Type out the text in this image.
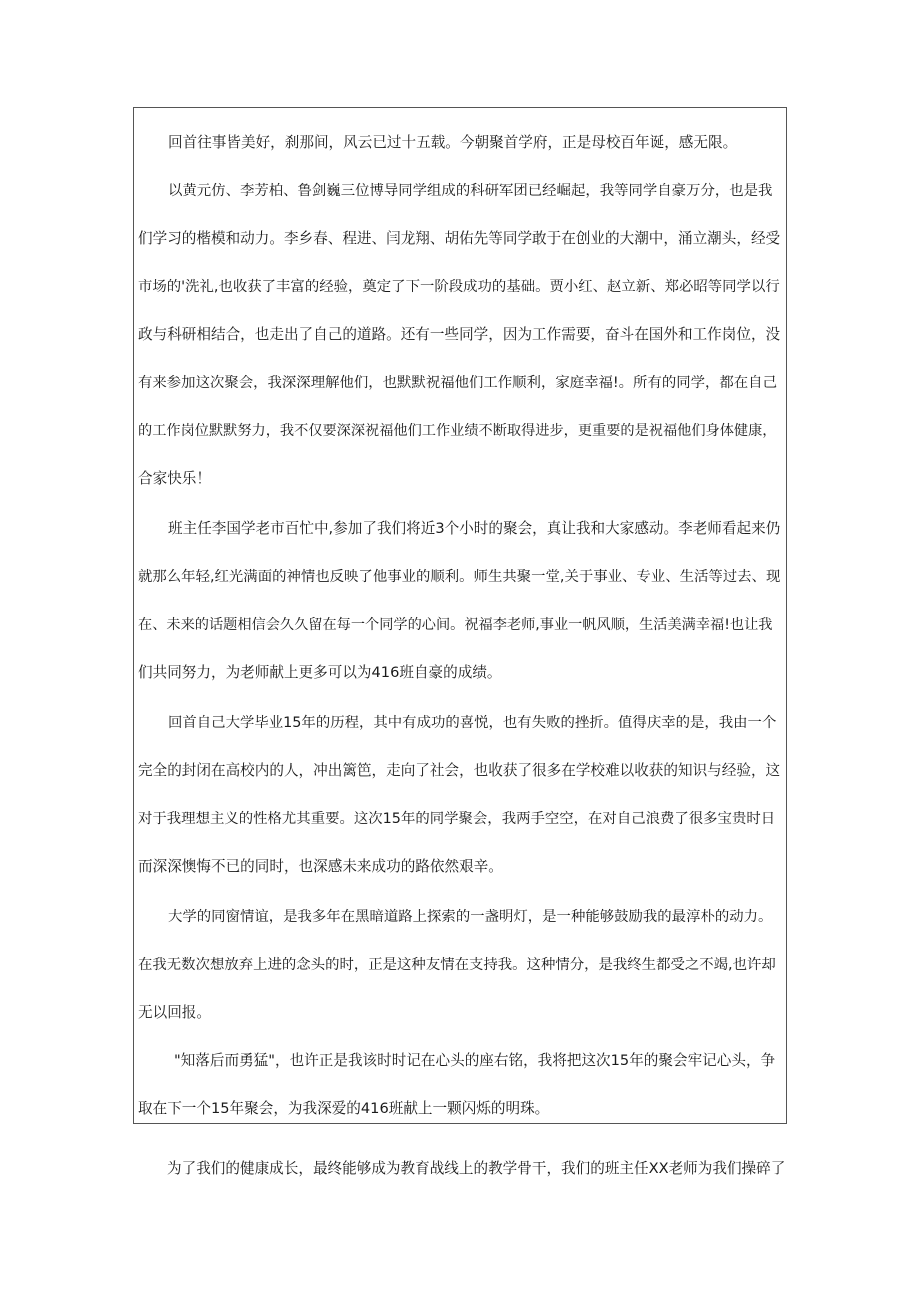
回首往事皆美好，刹那间，风云已过十五载。今朝聚首学府，正是母校百年诞，感无限。
以黄元仿、李芳柏、鲁剑巍三位博导同学组成的科研军团已经崛起，我等同学自豪万分，也是我
们学习的楷模和动力。李乡春、程进、闫龙翔、胡佑先等同学敢于在创业的大潮中，涌立潮头，经受
市场的'洗礼,也收获了丰富的经验，奠定了下一阶段成功的基础。贾小红、赵立新、郑必昭等同学以行
政与科研相结合，也走出了自己的道路。还有一些同学，因为工作需要，奋斗在国外和工作岗位，没
有来参加这次聚会，我深深理解他们，也默默祝福他们工作顺利，家庭幸福!。所有的同学，都在自己
的工作岗位默默努力，我不仅要深深祝福他们工作业绩不断取得进步，更重要的是祝福他们身体健康，
合家快乐！
班主任李国学老市百忙中,参加了我们将近3个小时的聚会，真让我和大家感动。李老师看起来仍
就那么年轻,红光满面的神情也反映了他事业的顺利。师生共聚一堂,关于事业、专业、生活等过去、现
在、未来的话题相信会久久留在每一个同学的心间。祝福李老师,事业一帆风顺，生活美满幸福!也让我
们共同努力，为老师献上更多可以为416班自豪的成绩。
回首自己大学毕业15年的历程，其中有成功的喜悦，也有失败的挫折。值得庆幸的是，我由一个
完全的封闭在高校内的人，冲出篱笆，走向了社会，也收获了很多在学校难以收获的知识与经验，这
对于我理想主义的性格尤其重要。这次15年的同学聚会，我两手空空，在对自己浪费了很多宝贵时日
而深深懊悔不已的同时，也深感未来成功的路依然艰辛。
大学的同窗情谊，是我多年在黑暗道路上探索的一盏明灯，是一种能够鼓励我的最淳朴的动力。
在我无数次想放弃上进的念头的时，正是这种友情在支持我。这种情分，是我终生都受之不竭,也许却
无以回报。
"知落后而勇猛"，也许正是我该时时记在心头的座右铭，我将把这次15年的聚会牢记心头，争
取在下一个15年聚会，为我深爱的416班献上一颗闪烁的明珠。
为了我们的健康成长，最终能够成为教育战线上的教学骨干，我们的班主任XX老师为我们操碎了
